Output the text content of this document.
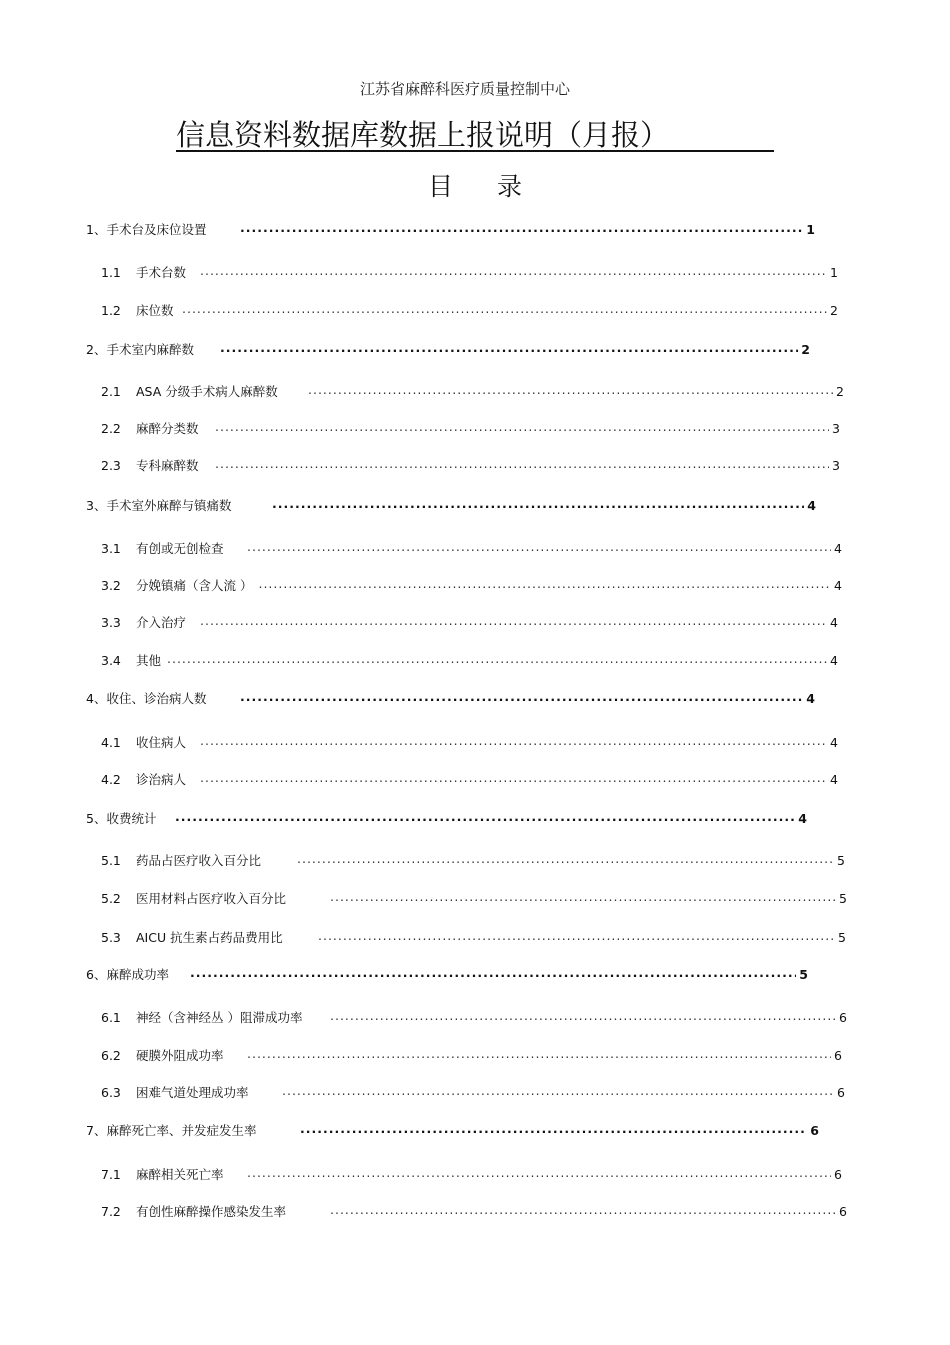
江苏省麻醉科医疗质量控制中心
信息资料数据库数据上报说明（月报）
目 录
1、手术台及床位设置 .....	1
1.1	手术台数 .....	1
1.2	床位数 .....	2
2、手术室内麻醉数 .....	2
2.1	ASA 分级手术病人麻醉数 .....	2
2.2	麻醉分类数 .....	3
2.3	专科麻醉数 .....	3
3、手术室外麻醉与镇痛数 .....	4
3.1	有创或无创检查 .....	4
3.2	分娩镇痛（含人流 ） .....	4
3.3	介入治疗 .....	4
3.4	其他 .....	4
4、收住、诊治病人数 .....	4
4.1	收住病人 .....	4
4.2	诊治病人 .....	4
5、收费统计 .....	4
5.1	药品占医疗收入百分比 .....	5
5.2	医用材料占医疗收入百分比 .....	5
5.3	AICU 抗生素占药品费用比 .....	5
6、麻醉成功率 .....	5
6.1	神经（含神经丛 ）阻滞成功率 .....	6
6.2	硬膜外阻成功率 .....	6
6.3	困难气道处理成功率 .....	6
7、麻醉死亡率、并发症发生率 .....	6
7.1	麻醉相关死亡率 .....	6
7.2	有创性麻醉操作感染发生率 .....	6
